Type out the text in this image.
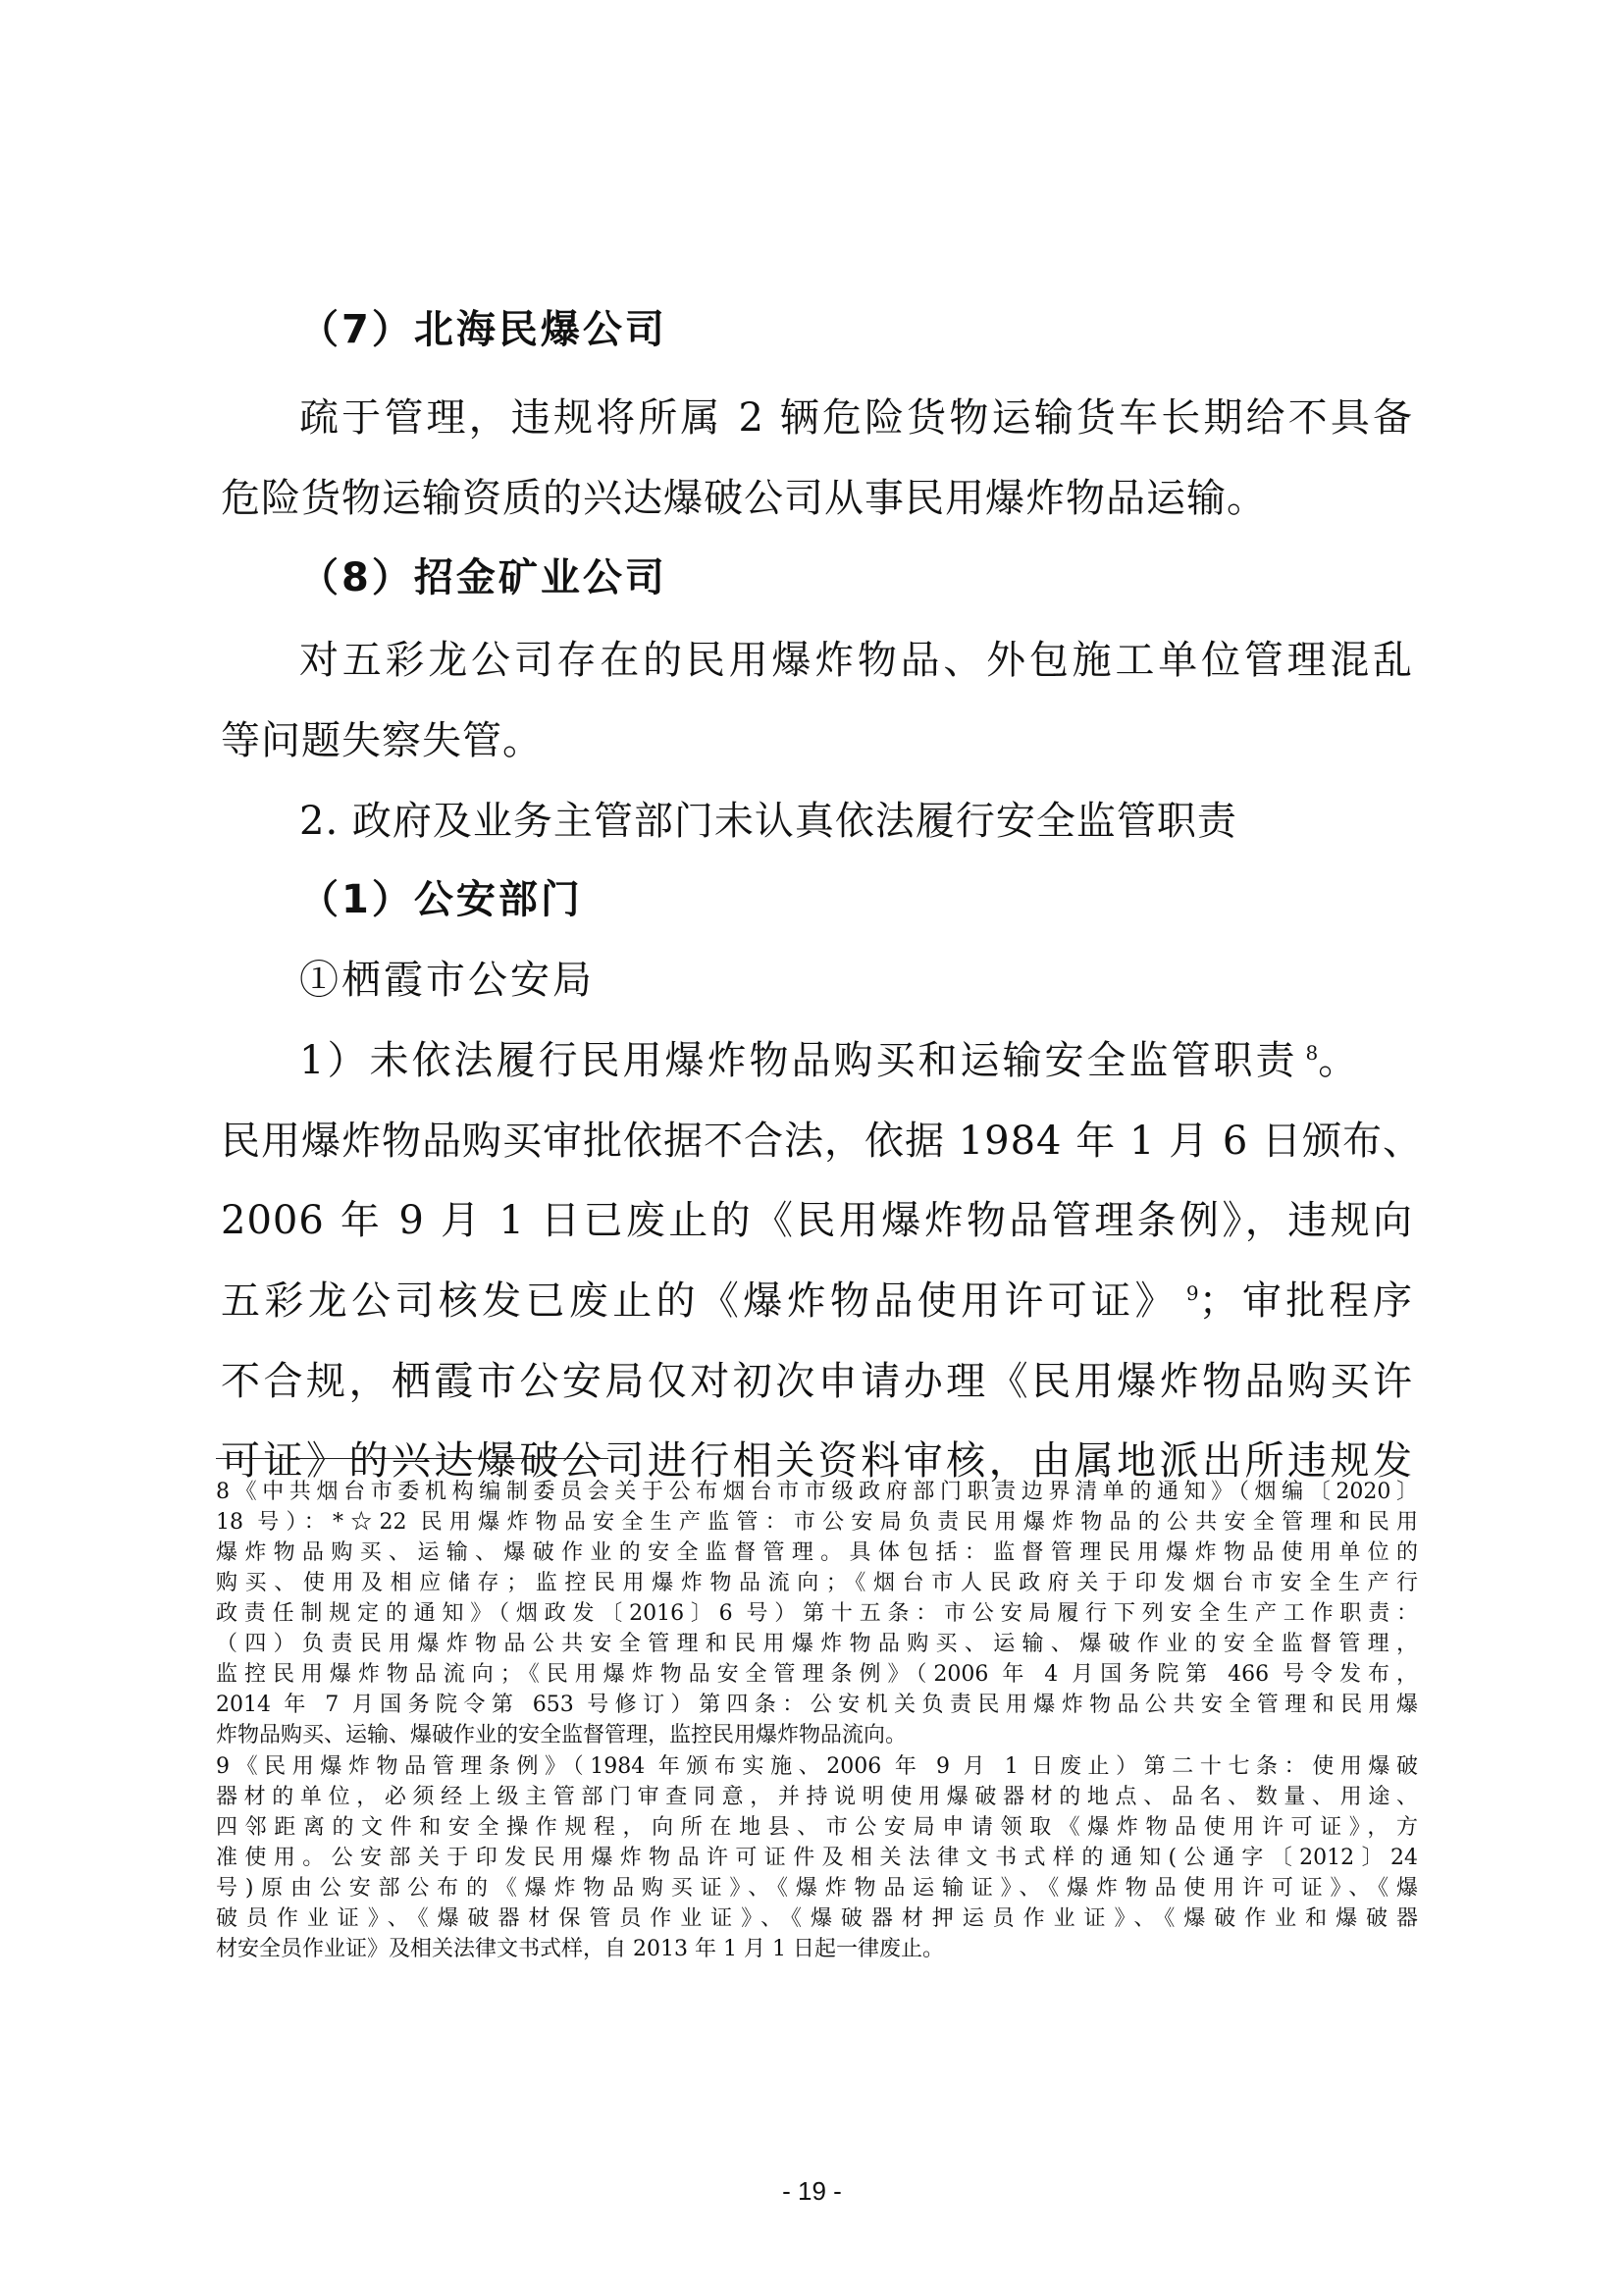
（7）北海民爆公司
疏于管理，违规将所属 2 辆危险货物运输货车长期给不具备
危险货物运输资质的兴达爆破公司从事民用爆炸物品运输。
（8）招金矿业公司
对五彩龙公司存在的民用爆炸物品、外包施工单位管理混乱
等问题失察失管。
2. 政府及业务主管部门未认真依法履行安全监管职责
（1）公安部门
①栖霞市公安局
1）未依法履行民用爆炸物品购买和运输安全监管职责 $^8$。
民用爆炸物品购买审批依据不合法，依据 1984 年 1 月 6 日颁布、
2006 年 9 月 1 日已废止的《民用爆炸物品管理条例》，违规向
五彩龙公司核发已废止的《爆炸物品使用许可证》 $^9$；审批程序
不合规，栖霞市公安局仅对初次申请办理《民用爆炸物品购买许
可证》的兴达爆破公司进行相关资料审核，由属地派出所违规发
8《中共烟台市委机构编制委员会关于公布烟台市市级政府部门职责边界清单的通知》（烟编〔2020〕
18 号）：*☆22 民用爆炸物品安全生产监管：市公安局负责民用爆炸物品的公共安全管理和民用
爆炸物品购买、运输、爆破作业的安全监督管理。具体包括：监督管理民用爆炸物品使用单位的
购买、使用及相应储存；监控民用爆炸物品流向；《烟台市人民政府关于印发烟台市安全生产行
政责任制规定的通知》（烟政发〔2016〕6 号）第十五条：市公安局履行下列安全生产工作职责：
（四）负责民用爆炸物品公共安全管理和民用爆炸物品购买、运输、爆破作业的安全监督管理，
监控民用爆炸物品流向；《民用爆炸物品安全管理条例》（2006 年 4 月国务院第 466 号令发布，
2014 年 7 月国务院令第 653 号修订）第四条：公安机关负责民用爆炸物品公共安全管理和民用爆
炸物品购买、运输、爆破作业的安全监督管理，监控民用爆炸物品流向。
9《民用爆炸物品管理条例》（1984 年颁布实施、2006 年 9 月 1 日废止）第二十七条：使用爆破
器材的单位，必须经上级主管部门审查同意，并持说明使用爆破器材的地点、品名、数量、用途、
四邻距离的文件和安全操作规程，向所在地县、市公安局申请领取《爆炸物品使用许可证》，方
准使用。公安部关于印发民用爆炸物品许可证件及相关法律文书式样的通知(公通字〔2012〕24
号)原由公安部公布的《爆炸物品购买证》、《爆炸物品运输证》、《爆炸物品使用许可证》、《爆
破员作业证》、《爆破器材保管员作业证》、《爆破器材押运员作业证》、《爆破作业和爆破器
材安全员作业证》及相关法律文书式样，自 2013 年 1 月 1 日起一律废止。
- 19 -
